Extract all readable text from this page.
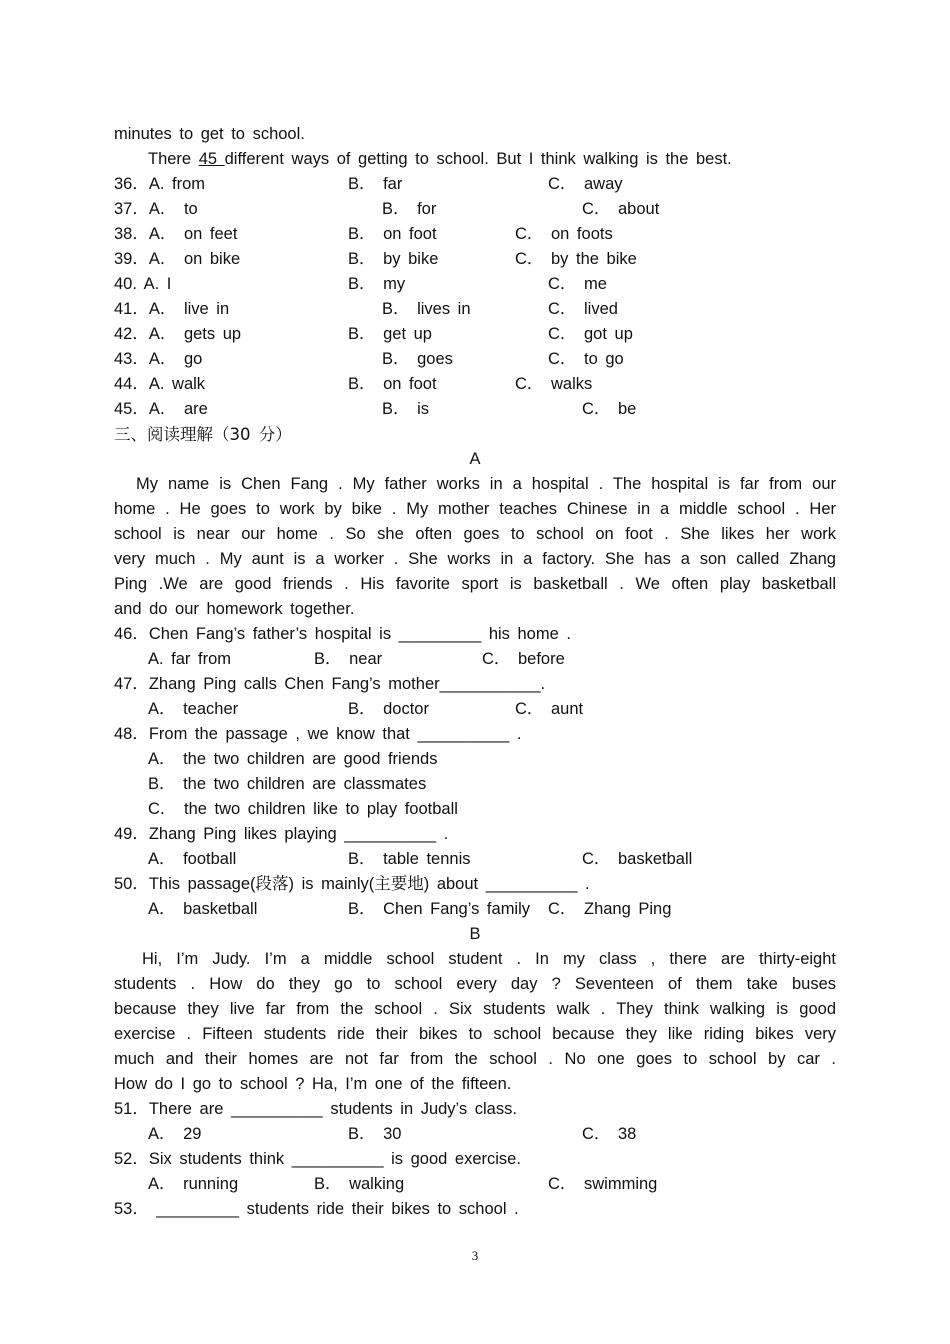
minutes to get to school.
There 45 different ways of getting to school. But I think walking is the best.
36．A. from	B． far	C． away
37．A． to	B． for	C． about
38．A． on feet	B． on foot	C． on foots
39．A． on bike	B． by bike	C． by the bike
40. A. I	B． my	C． me
41．A． live in	B． lives in	C． lived
42．A． gets up	B． get up	C． got up
43．A． go	B． goes	C． to go
44．A. walk	B． on foot	C． walks
45．A． are	B． is	C． be
三、阅读理解（30 分）
A
My name is Chen Fang . My father works in a hospital . The hospital is far from our
home . He goes to work by bike . My mother teaches Chinese in a middle school . Her
school is near our home . So she often goes to school on foot . She likes her work
very much . My aunt is a worker . She works in a factory. She has a son called Zhang
Ping .We are good friends . His favorite sport is basketball . We often play basketball
and do our homework together.
46．Chen Fang’s father’s hospital is _________ his home .
A. far from	B． near	C． before
47．Zhang Ping calls Chen Fang’s mother___________.
A． teacher	B． doctor	C． aunt
48．From the passage , we know that __________ .
A． the two children are good friends
B． the two children are classmates
C． the two children like to play football
49．Zhang Ping likes playing __________ .
A． football	B． table tennis	C． basketball
50．This passage(段落) is mainly(主要地) about __________ .
A． basketball	B． Chen Fang’s family C． Zhang Ping
B
Hi, I’m Judy. I’m a middle school student . In my class , there are thirty-eight
students . How do they go to school every day ? Seventeen of them take buses
because they live far from the school . Six students walk . They think walking is good
exercise . Fifteen students ride their bikes to school because they like riding bikes very
much and their homes are not far from the school . No one goes to school by car .
How do I go to school ? Ha, I’m one of the fifteen.
51．There are __________ students in Judy’s class.
A． 29	B． 30	C． 38
52．Six students think __________ is good exercise.
A． running	B． walking	C． swimming
53． _________ students ride their bikes to school .
3
